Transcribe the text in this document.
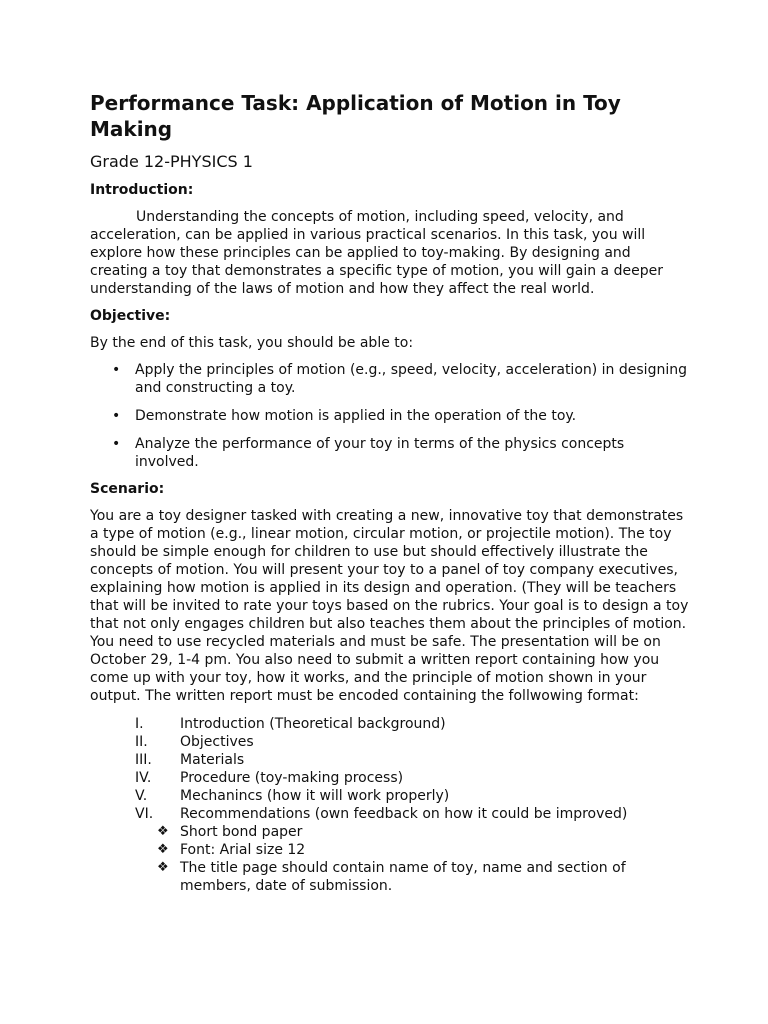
Performance Task: Application of Motion in Toy Making
Grade 12-PHYSICS 1
Introduction:

Understanding the concepts of motion, including speed, velocity, and acceleration, can be applied in various practical scenarios. In this task, you will explore how these principles can be applied to toy-making. By designing and creating a toy that demonstrates a specific type of motion, you will gain a deeper understanding of the laws of motion and how they affect the real world.

Objective:

By the end of this task, you should be able to:

• Apply the principles of motion (e.g., speed, velocity, acceleration) in designing and constructing a toy.
• Demonstrate how motion is applied in the operation of the toy.
• Analyze the performance of your toy in terms of the physics concepts involved.
Scenario:

You are a toy designer tasked with creating a new, innovative toy that demonstrates a type of motion (e.g., linear motion, circular motion, or projectile motion). The toy should be simple enough for children to use but should effectively illustrate the concepts of motion. You will present your toy to a panel of toy company executives, explaining how motion is applied in its design and operation. (They will be teachers that will be invited to rate your toys based on the rubrics. Your goal is to design a toy that not only engages children but also teaches them about the principles of motion. You need to use recycled materials and must be safe. The presentation will be on October 29, 1-4 pm. You also need to submit a written report containing how you come up with your toy, how it works, and the principle of motion shown in your output. The written report must be encoded containing the follwowing format:

I.	Introduction (Theoretical background)
II. Objectives
III. Materials
IV. Procedure (toy-making process)
V. Mechanincs (how it will work properly)
VI. Recommendations (own feedback on how it could be improved)
❖ Short bond paper
❖ Font: Arial size 12
❖ The title page should contain name of toy, name and section of members, date of submission.
